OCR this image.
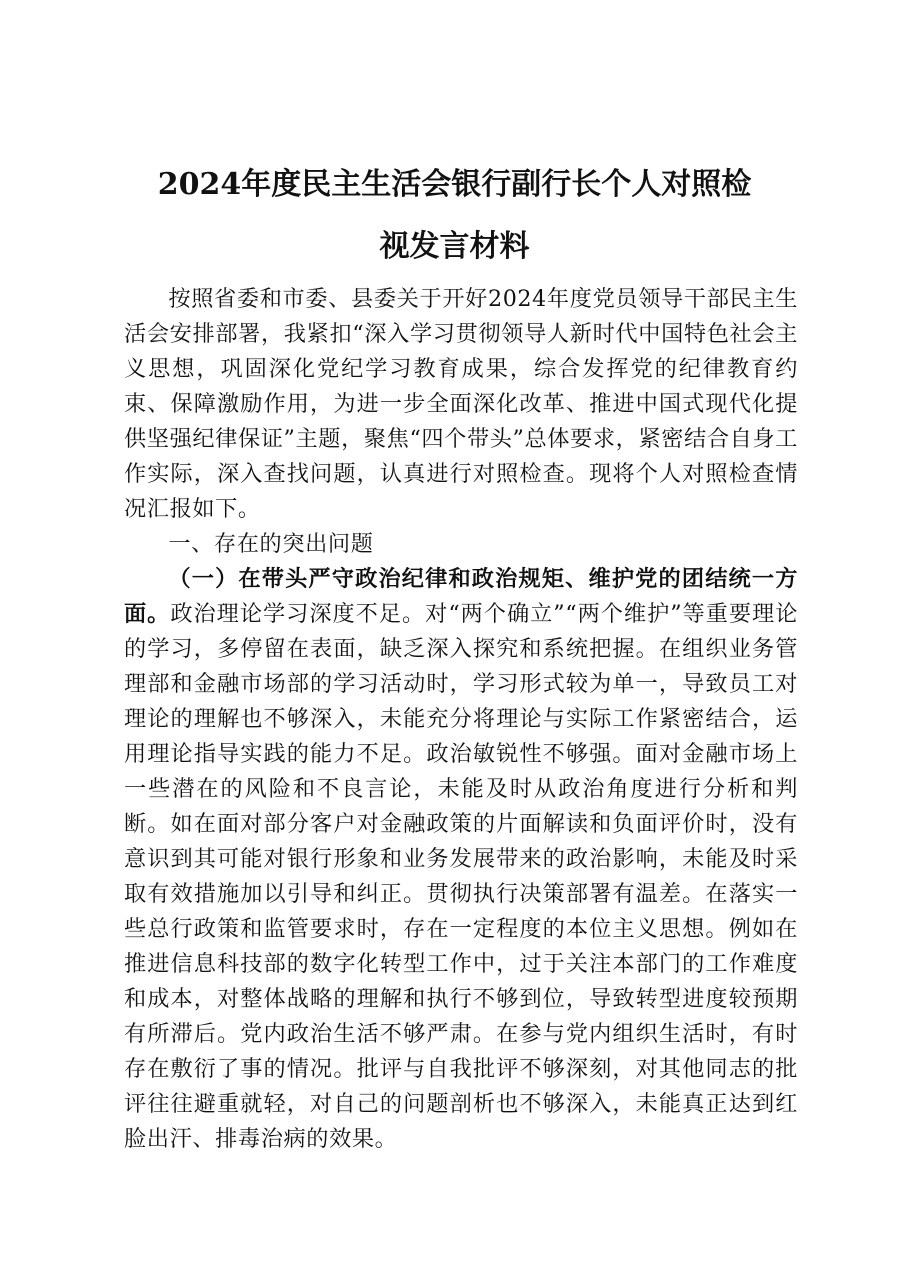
2024年度民主生活会银行副行长个人对照检
视发言材料

按照省委和市委、县委关于开好2024年度党员领导干部民主生活会安排部署，我紧扣“深入学习贯彻领导人新时代中国特色社会主义思想，巩固深化党纪学习教育成果，综合发挥党的纪律教育约束、保障激励作用，为进一步全面深化改革、推进中国式现代化提供坚强纪律保证”主题，聚焦“四个带头”总体要求，紧密结合自身工作实际，深入查找问题，认真进行对照检查。现将个人对照检查情况汇报如下。

一、存在的突出问题

（一）在带头严守政治纪律和政治规矩、维护党的团结统一方面。政治理论学习深度不足。对“两个确立”“两个维护”等重要理论的学习，多停留在表面，缺乏深入探究和系统把握。在组织业务管理部和金融市场部的学习活动时，学习形式较为单一，导致员工对理论的理解也不够深入，未能充分将理论与实际工作紧密结合，运用理论指导实践的能力不足。政治敏锐性不够强。面对金融市场上一些潜在的风险和不良言论，未能及时从政治角度进行分析和判断。如在面对部分客户对金融政策的片面解读和负面评价时，没有意识到其可能对银行形象和业务发展带来的政治影响，未能及时采取有效措施加以引导和纠正。贯彻执行决策部署有温差。在落实一些总行政策和监管要求时，存在一定程度的本位主义思想。例如在推进信息科技部的数字化转型工作中，过于关注本部门的工作难度和成本，对整体战略的理解和执行不够到位，导致转型进度较预期有所滞后。党内政治生活不够严肃。在参与党内组织生活时，有时存在敷衍了事的情况。批评与自我批评不够深刻，对其他同志的批评往往避重就轻，对自己的问题剖析也不够深入，未能真正达到红脸出汗、排毒治病的效果。
